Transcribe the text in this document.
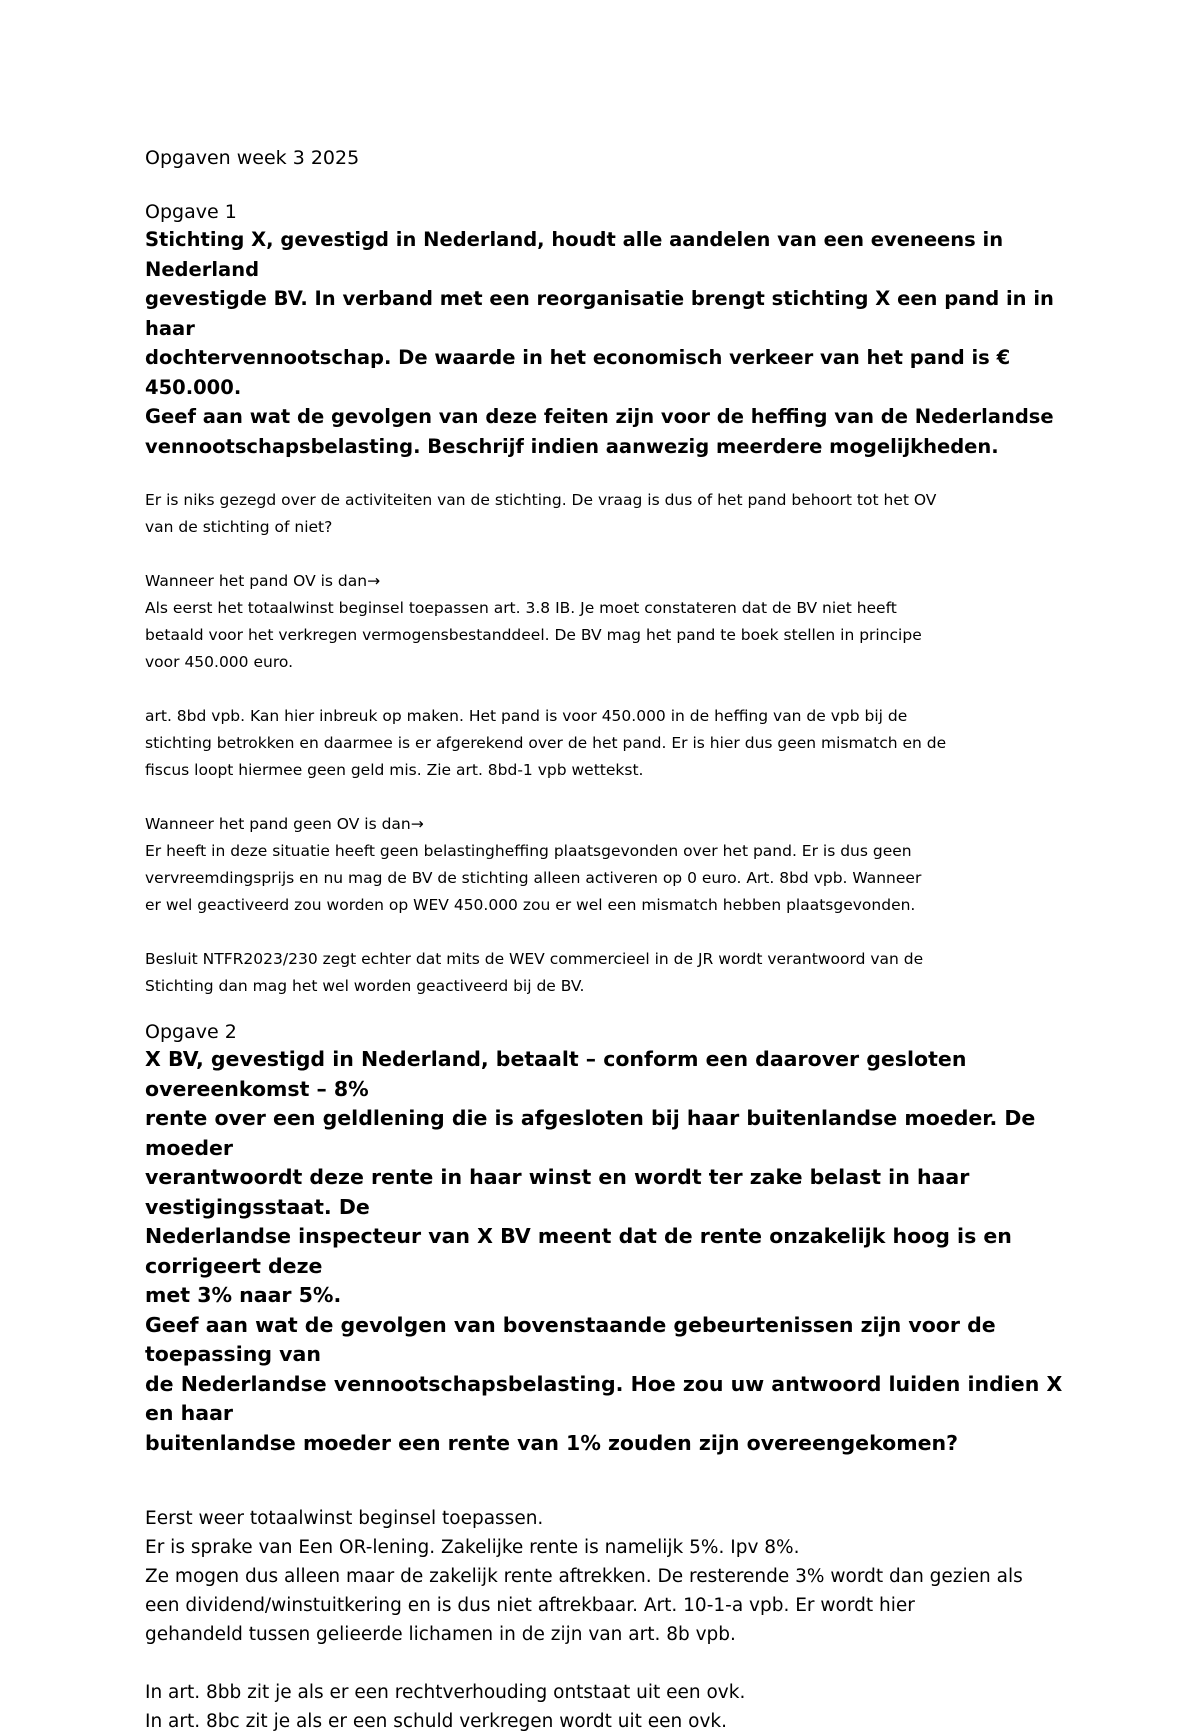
Opgaven week 3 2025

Opgave 1

Stichting X, gevestigd in Nederland, houdt alle aandelen van een eveneens in Nederland

gevestigde BV. In verband met een reorganisatie brengt stichting X een pand in in haar

dochtervennootschap. De waarde in het economisch verkeer van het pand is € 450.000.

Geef aan wat de gevolgen van deze feiten zijn voor de heffing van de Nederlandse

vennootschapsbelasting. Beschrijf indien aanwezig meerdere mogelijkheden.

Er is niks gezegd over de activiteiten van de stichting. De vraag is dus of het pand behoort tot het OV

van de stichting of niet?

Wanneer het pand OV is dan→

Als eerst het totaalwinst beginsel toepassen art. 3.8 IB. Je moet constateren dat de BV niet heeft

betaald voor het verkregen vermogensbestanddeel. De BV mag het pand te boek stellen in principe

voor 450.000 euro.

art. 8bd vpb. Kan hier inbreuk op maken. Het pand is voor 450.000 in de heffing van de vpb bij de

stichting betrokken en daarmee is er afgerekend over de het pand. Er is hier dus geen mismatch en de

fiscus loopt hiermee geen geld mis. Zie art. 8bd-1 vpb wettekst.

Wanneer het pand geen OV is dan→

Er heeft in deze situatie heeft geen belastingheffing plaatsgevonden over het pand. Er is dus geen

vervreemdingsprijs en nu mag de BV de stichting alleen activeren op 0 euro. Art. 8bd vpb. Wanneer

er wel geactiveerd zou worden op WEV 450.000 zou er wel een mismatch hebben plaatsgevonden.

Besluit NTFR2023/230 zegt echter dat mits de WEV commercieel in de JR wordt verantwoord van de

Stichting dan mag het wel worden geactiveerd bij de BV.

Opgave 2

X BV, gevestigd in Nederland, betaalt – conform een daarover gesloten overeenkomst – 8%

rente over een geldlening die is afgesloten bij haar buitenlandse moeder. De moeder

verantwoordt deze rente in haar winst en wordt ter zake belast in haar vestigingsstaat. De

Nederlandse inspecteur van X BV meent dat de rente onzakelijk hoog is en corrigeert deze

met 3% naar 5%.

Geef aan wat de gevolgen van bovenstaande gebeurtenissen zijn voor de toepassing van

de Nederlandse vennootschapsbelasting. Hoe zou uw antwoord luiden indien X en haar

buitenlandse moeder een rente van 1% zouden zijn overeengekomen?

Eerst weer totaalwinst beginsel toepassen.

Er is sprake van Een OR-lening. Zakelijke rente is namelijk 5%. Ipv 8%.

Ze mogen dus alleen maar de zakelijk rente aftrekken. De resterende 3% wordt dan gezien als

een dividend/winstuitkering en is dus niet aftrekbaar. Art. 10-1-a vpb. Er wordt hier

gehandeld tussen gelieerde lichamen in de zijn van art. 8b vpb.

In art. 8bb zit je als er een rechtverhouding ontstaat uit een ovk.

In art. 8bc zit je als er een schuld verkregen wordt uit een ovk.
